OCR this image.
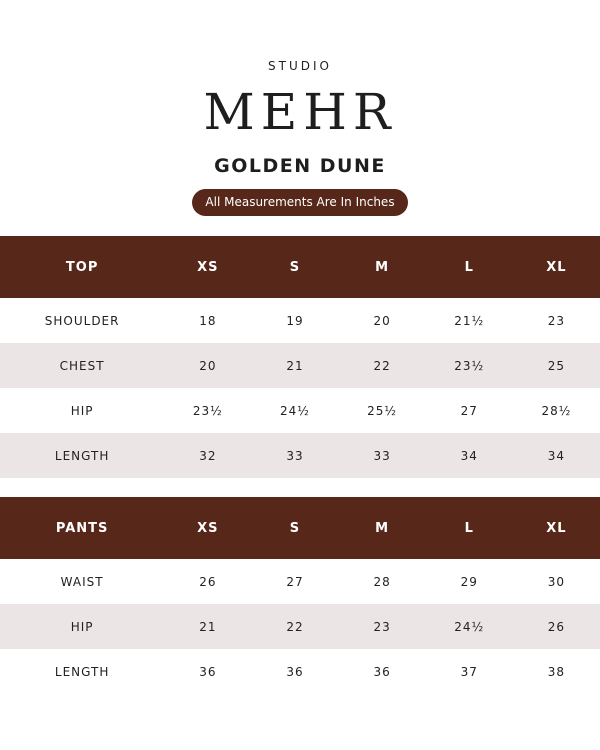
STUDIO
MEHR
GOLDEN DUNE
All Measurements Are In Inches
TOP	XS	S	M	L	XL
SHOULDER	18	19	20	21½	23
CHEST	20	21	22	23½	25
HIP	23½	24½	25½	27	28½
LENGTH	32	33	33	34	34
PANTS	XS	S	M	L	XL
WAIST	26	27	28	29	30
HIP	21	22	23	24½	26
LENGTH	36	36	36	37	38
